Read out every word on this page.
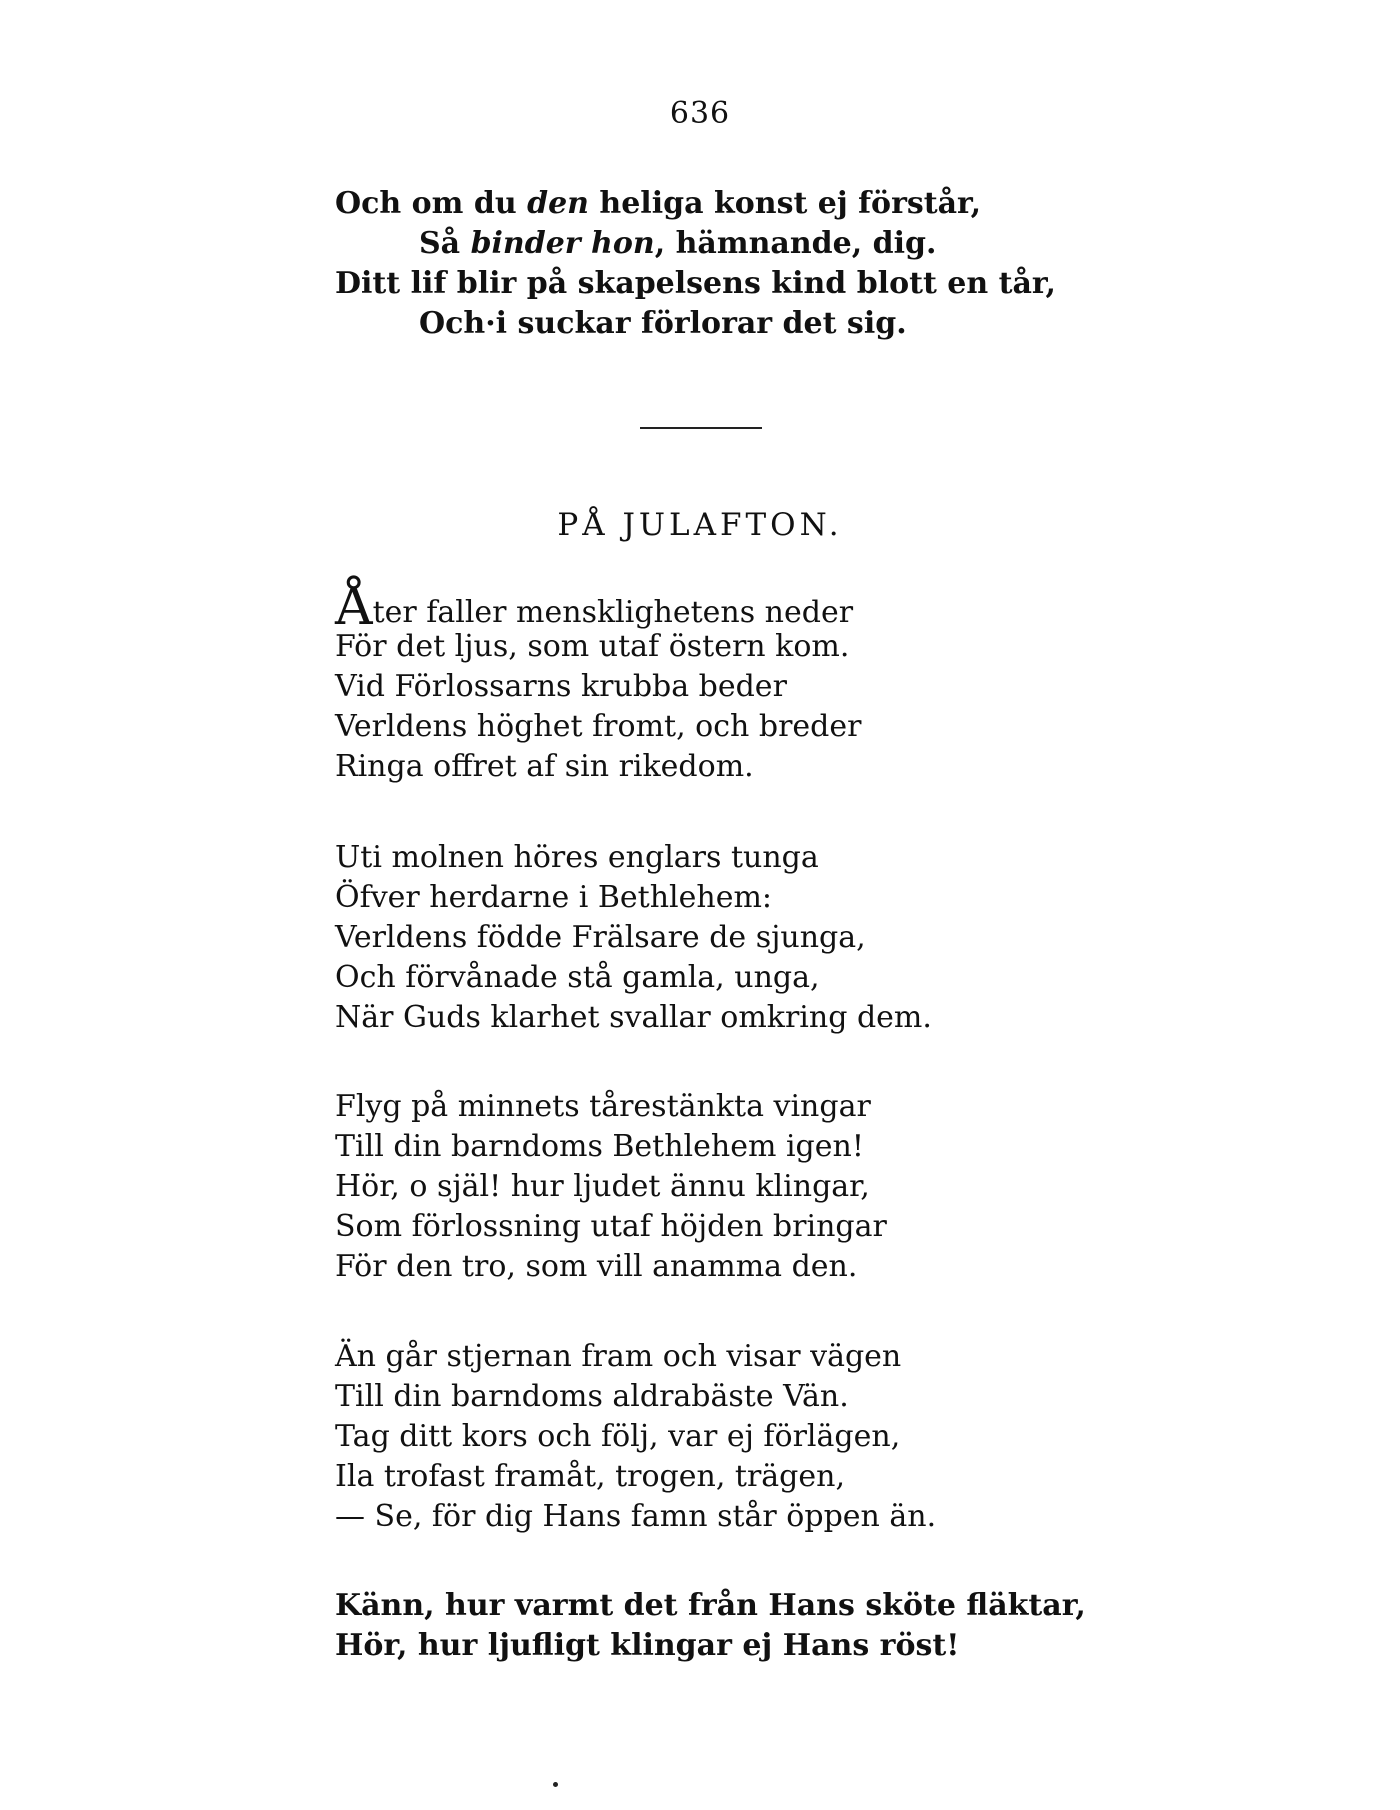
636
Och om du den heliga konst ej förstår,
Så binder hon, hämnande, dig.
Ditt lif blir på skapelsens kind blott en tår,
Och·i suckar förlorar det sig.
PÅ JULAFTON.
Åter faller mensklighetens neder
För det ljus, som utaf östern kom.
Vid Förlossarns krubba beder
Verldens höghet fromt, och breder
Ringa offret af sin rikedom.
Uti molnen höres englars tunga
Öfver herdarne i Bethlehem:
Verldens födde Frälsare de sjunga,
Och förvånade stå gamla, unga,
När Guds klarhet svallar omkring dem.
Flyg på minnets tårestänkta vingar
Till din barndoms Bethlehem igen!
Hör, o själ! hur ljudet ännu klingar,
Som förlossning utaf höjden bringar
För den tro, som vill anamma den.
Än går stjernan fram och visar vägen
Till din barndoms aldrabäste Vän.
Tag ditt kors och följ, var ej förlägen,
Ila trofast framåt, trogen, trägen,
— Se, för dig Hans famn står öppen än.
Känn, hur varmt det från Hans sköte fläktar,
Hör, hur ljufligt klingar ej Hans röst!
